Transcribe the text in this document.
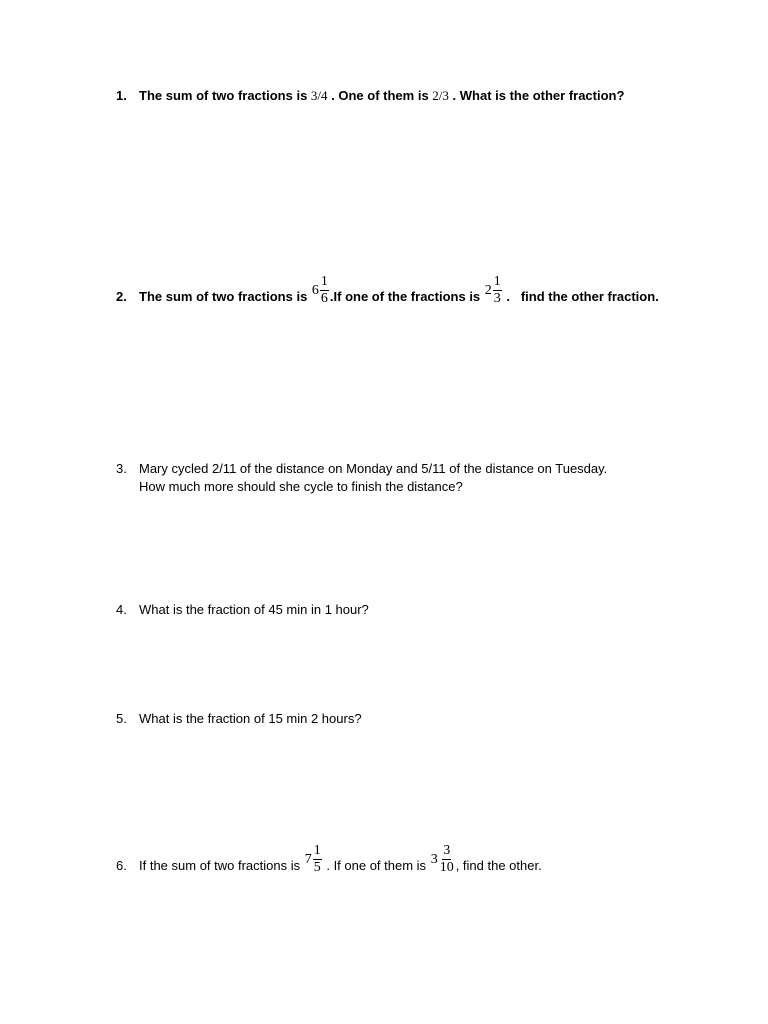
1. The sum of two fractions is 3/4 . One of them is 2/3 . What is the other fraction?
2. The sum of two fractions is $6 \frac{1}{6} .If$ one of the fractions is $2 \frac{1}{3}$ .   find the other fraction.
3. Mary cycled 2/11 of the distance on Monday and 5/11 of the distance on Tuesday.
How much more should she cycle to finish the distance?
4. What is the fraction of 45 min in 1 hour?
5. What is the fraction of 15 min 2 hours?
6. If the sum of two fractions is $7 \frac{1}{5}$ . If one of them is $3 \frac{3}{10}$ , find the other.
